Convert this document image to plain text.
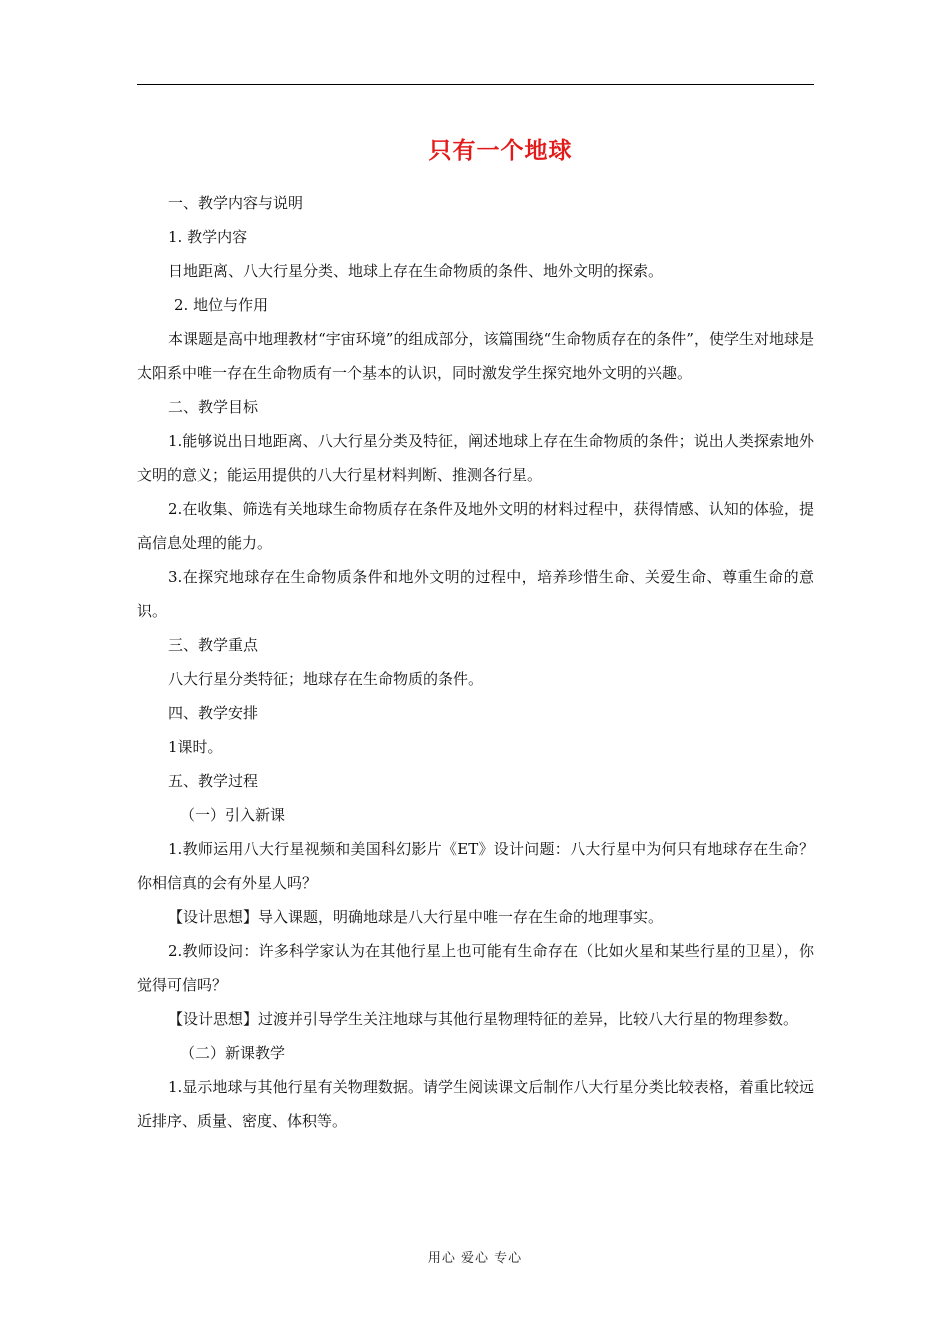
只有一个地球

一、教学内容与说明

1. 教学内容

日地距离、八大行星分类、地球上存在生命物质的条件、地外文明的探索。

2. 地位与作用

本课题是高中地理教材“宇宙环境”的组成部分，该篇围绕“生命物质存在的条件”，使学生对地球是太阳系中唯一存在生命物质有一个基本的认识，同时激发学生探究地外文明的兴趣。

二、教学目标

1.能够说出日地距离、八大行星分类及特征，阐述地球上存在生命物质的条件；说出人类探索地外文明的意义；能运用提供的八大行星材料判断、推测各行星。

2.在收集、筛选有关地球生命物质存在条件及地外文明的材料过程中，获得情感、认知的体验，提高信息处理的能力。

3.在探究地球存在生命物质条件和地外文明的过程中，培养珍惜生命、关爱生命、尊重生命的意识。

三、教学重点

八大行星分类特征；地球存在生命物质的条件。

四、教学安排

1课时。

五、教学过程

（一）引入新课

1.教师运用八大行星视频和美国科幻影片《ET》设计问题：八大行星中为何只有地球存在生命？你相信真的会有外星人吗？

【设计思想】导入课题，明确地球是八大行星中唯一存在生命的地理事实。

2.教师设问：许多科学家认为在其他行星上也可能有生命存在（比如火星和某些行星的卫星），你觉得可信吗？

【设计思想】过渡并引导学生关注地球与其他行星物理特征的差异，比较八大行星的物理参数。

（二）新课教学

1.显示地球与其他行星有关物理数据。请学生阅读课文后制作八大行星分类比较表格，着重比较远近排序、质量、密度、体积等。

用心 爱心 专心
